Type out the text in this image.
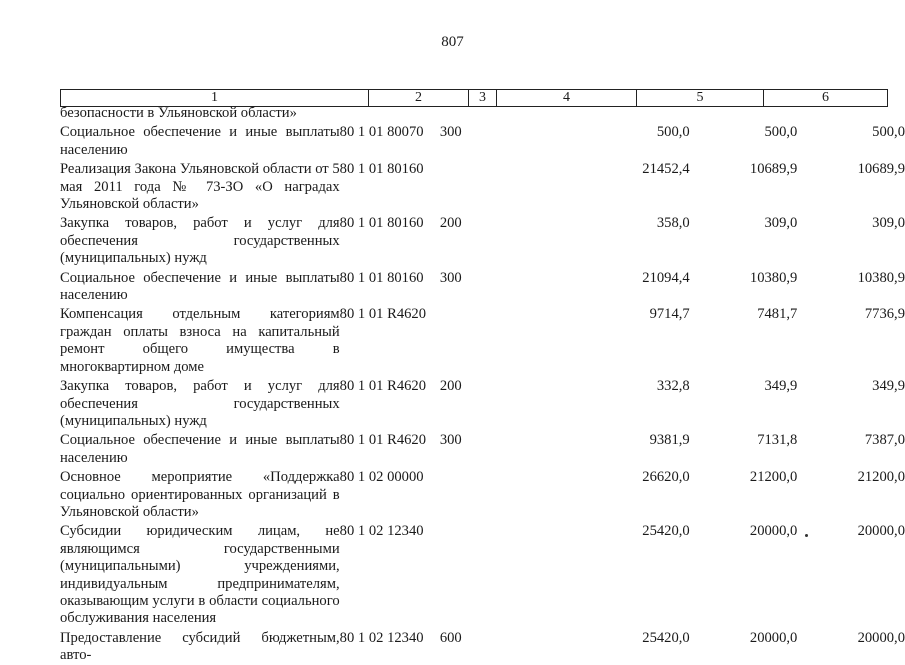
807
1	2	3	4	5	6
безопасности в Ульяновской области»					
Социальное обеспечение и иные выплаты населению	80 1 01 80070	300	500,0	500,0	500,0
Реализация Закона Ульяновской области от 5 мая 2011 года № 73-ЗО «О наградах Ульяновской области»	80 1 01 80160		21452,4	10689,9	10689,9
Закупка товаров, работ и услуг для обеспечения государственных (муниципальных) нужд	80 1 01 80160	200	358,0	309,0	309,0
Социальное обеспечение и иные выплаты населению	80 1 01 80160	300	21094,4	10380,9	10380,9
Компенсация отдельным категориям граждан оплаты взноса на капитальный ремонт общего имущества в многоквартирном доме	80 1 01 R4620		9714,7	7481,7	7736,9
Закупка товаров, работ и услуг для обеспечения государственных (муниципальных) нужд	80 1 01 R4620	200	332,8	349,9	349,9
Социальное обеспечение и иные выплаты населению	80 1 01 R4620	300	9381,9	7131,8	7387,0
Основное мероприятие «Поддержка социально ориентированных организаций в Ульяновской области»	80 1 02 00000		26620,0	21200,0	21200,0
Субсидии юридическим лицам, не являющимся государственными (муниципальными) учреждениями, индивидуальным предпринимателям, оказывающим услуги в области социального обслуживания населения	80 1 02 12340		25420,0	20000,0	20000,0
Предоставление субсидий бюджетным, авто-	80 1 02 12340	600	25420,0	20000,0	20000,0
